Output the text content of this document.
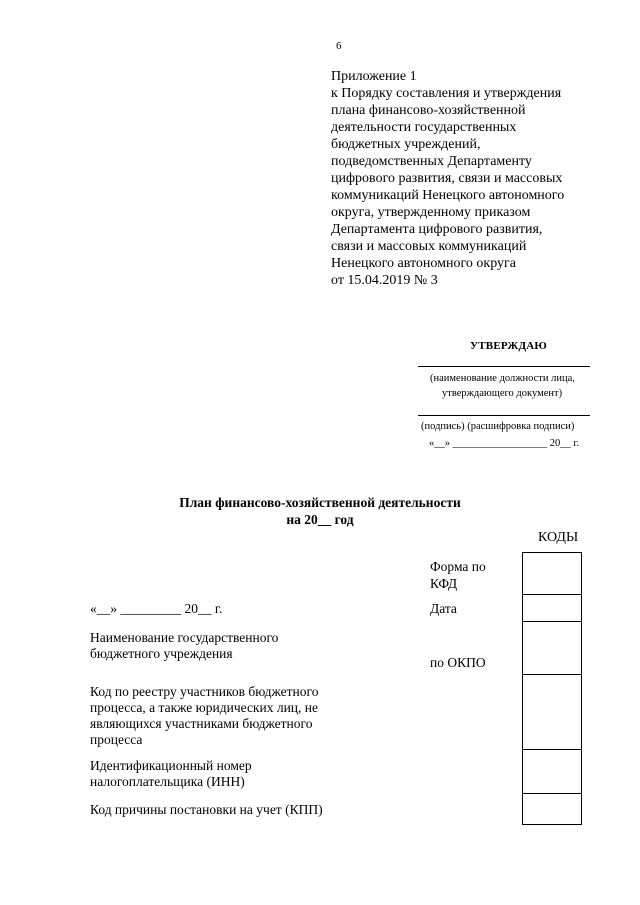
6
Приложение 1
к Порядку составления и утверждения
плана финансово-хозяйственной
деятельности государственных
бюджетных учреждений,
подведомственных Департаменту
цифрового развития, связи и массовых
коммуникаций Ненецкого автономного
округа, утвержденному приказом
Департамента цифрового развития,
связи и массовых коммуникаций
Ненецкого автономного округа
от 15.04.2019 № 3
УТВЕРЖДАЮ
(наименование должности лица,
утверждающего документ)
(подпись) (расшифровка подписи)
«__» __________________ 20__ г.
План финансово-хозяйственной деятельности
на 20__ год
КОДЫ
Форма по
КФД
Дата
по ОКПО
«__» _________ 20__ г.
Наименование государственного
бюджетного учреждения
Код по реестру участников бюджетного
процесса, а также юридических лиц, не
являющихся участниками бюджетного
процесса
Идентификационный номер
налогоплательщика (ИНН)
Код причины постановки на учет (КПП)
